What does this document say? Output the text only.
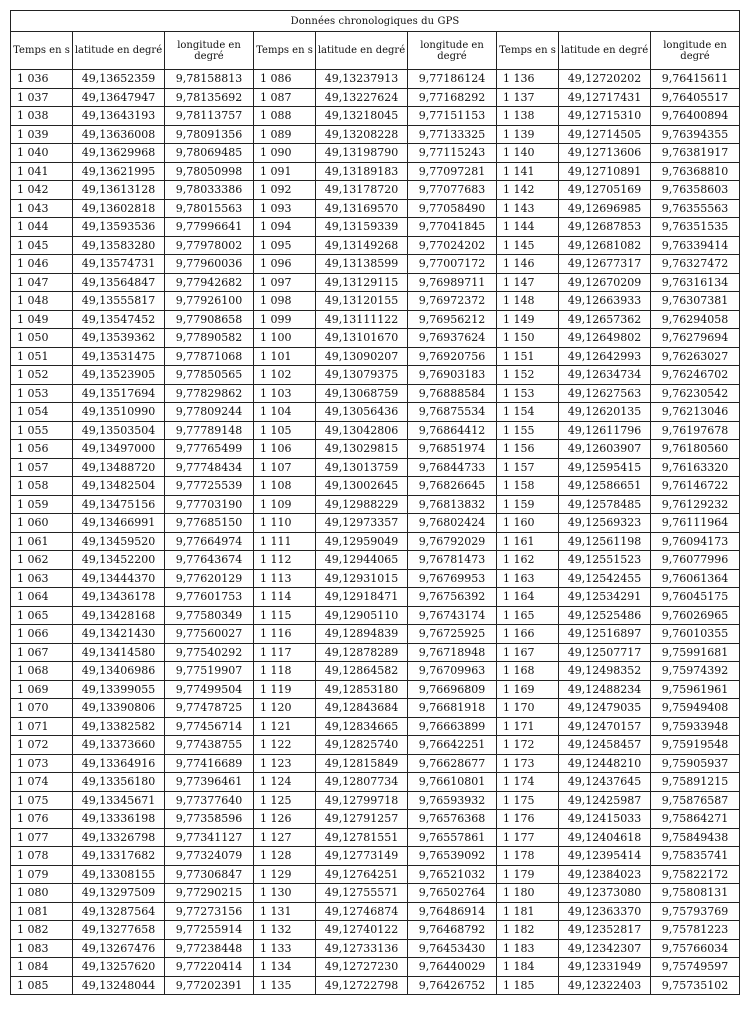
Données chronologiques du GPS								
Temps en s	latitude en degré	longitude en degré	Temps en s	latitude en degré	longitude en degré	Temps en s	latitude en degré	longitude en degré
1 036	49,13652359	9,78158813	1 086	49,13237913	9,77186124	1 136	49,12720202	9,76415611
1 037	49,13647947	9,78135692	1 087	49,13227624	9,77168292	1 137	49,12717431	9,76405517
1 038	49,13643193	9,78113757	1 088	49,13218045	9,77151153	1 138	49,12715310	9,76400894
1 039	49,13636008	9,78091356	1 089	49,13208228	9,77133325	1 139	49,12714505	9,76394355
1 040	49,13629968	9,78069485	1 090	49,13198790	9,77115243	1 140	49,12713606	9,76381917
1 041	49,13621995	9,78050998	1 091	49,13189183	9,77097281	1 141	49,12710891	9,76368810
1 042	49,13613128	9,78033386	1 092	49,13178720	9,77077683	1 142	49,12705169	9,76358603
1 043	49,13602818	9,78015563	1 093	49,13169570	9,77058490	1 143	49,12696985	9,76355563
1 044	49,13593536	9,77996641	1 094	49,13159339	9,77041845	1 144	49,12687853	9,76351535
1 045	49,13583280	9,77978002	1 095	49,13149268	9,77024202	1 145	49,12681082	9,76339414
1 046	49,13574731	9,77960036	1 096	49,13138599	9,77007172	1 146	49,12677317	9,76327472
1 047	49,13564847	9,77942682	1 097	49,13129115	9,76989711	1 147	49,12670209	9,76316134
1 048	49,13555817	9,77926100	1 098	49,13120155	9,76972372	1 148	49,12663933	9,76307381
1 049	49,13547452	9,77908658	1 099	49,13111122	9,76956212	1 149	49,12657362	9,76294058
1 050	49,13539362	9,77890582	1 100	49,13101670	9,76937624	1 150	49,12649802	9,76279694
1 051	49,13531475	9,77871068	1 101	49,13090207	9,76920756	1 151	49,12642993	9,76263027
1 052	49,13523905	9,77850565	1 102	49,13079375	9,76903183	1 152	49,12634734	9,76246702
1 053	49,13517694	9,77829862	1 103	49,13068759	9,76888584	1 153	49,12627563	9,76230542
1 054	49,13510990	9,77809244	1 104	49,13056436	9,76875534	1 154	49,12620135	9,76213046
1 055	49,13503504	9,77789148	1 105	49,13042806	9,76864412	1 155	49,12611796	9,76197678
1 056	49,13497000	9,77765499	1 106	49,13029815	9,76851974	1 156	49,12603907	9,76180560
1 057	49,13488720	9,77748434	1 107	49,13013759	9,76844733	1 157	49,12595415	9,76163320
1 058	49,13482504	9,77725539	1 108	49,13002645	9,76826645	1 158	49,12586651	9,76146722
1 059	49,13475156	9,77703190	1 109	49,12988229	9,76813832	1 159	49,12578485	9,76129232
1 060	49,13466991	9,77685150	1 110	49,12973357	9,76802424	1 160	49,12569323	9,76111964
1 061	49,13459520	9,77664974	1 111	49,12959049	9,76792029	1 161	49,12561198	9,76094173
1 062	49,13452200	9,77643674	1 112	49,12944065	9,76781473	1 162	49,12551523	9,76077996
1 063	49,13444370	9,77620129	1 113	49,12931015	9,76769953	1 163	49,12542455	9,76061364
1 064	49,13436178	9,77601753	1 114	49,12918471	9,76756392	1 164	49,12534291	9,76045175
1 065	49,13428168	9,77580349	1 115	49,12905110	9,76743174	1 165	49,12525486	9,76026965
1 066	49,13421430	9,77560027	1 116	49,12894839	9,76725925	1 166	49,12516897	9,76010355
1 067	49,13414580	9,77540292	1 117	49,12878289	9,76718948	1 167	49,12507717	9,75991681
1 068	49,13406986	9,77519907	1 118	49,12864582	9,76709963	1 168	49,12498352	9,75974392
1 069	49,13399055	9,77499504	1 119	49,12853180	9,76696809	1 169	49,12488234	9,75961961
1 070	49,13390806	9,77478725	1 120	49,12843684	9,76681918	1 170	49,12479035	9,75949408
1 071	49,13382582	9,77456714	1 121	49,12834665	9,76663899	1 171	49,12470157	9,75933948
1 072	49,13373660	9,77438755	1 122	49,12825740	9,76642251	1 172	49,12458457	9,75919548
1 073	49,13364916	9,77416689	1 123	49,12815849	9,76628677	1 173	49,12448210	9,75905937
1 074	49,13356180	9,77396461	1 124	49,12807734	9,76610801	1 174	49,12437645	9,75891215
1 075	49,13345671	9,77377640	1 125	49,12799718	9,76593932	1 175	49,12425987	9,75876587
1 076	49,13336198	9,77358596	1 126	49,12791257	9,76576368	1 176	49,12415033	9,75864271
1 077	49,13326798	9,77341127	1 127	49,12781551	9,76557861	1 177	49,12404618	9,75849438
1 078	49,13317682	9,77324079	1 128	49,12773149	9,76539092	1 178	49,12395414	9,75835741
1 079	49,13308155	9,77306847	1 129	49,12764251	9,76521032	1 179	49,12384023	9,75822172
1 080	49,13297509	9,77290215	1 130	49,12755571	9,76502764	1 180	49,12373080	9,75808131
1 081	49,13287564	9,77273156	1 131	49,12746874	9,76486914	1 181	49,12363370	9,75793769
1 082	49,13277658	9,77255914	1 132	49,12740122	9,76468792	1 182	49,12352817	9,75781223
1 083	49,13267476	9,77238448	1 133	49,12733136	9,76453430	1 183	49,12342307	9,75766034
1 084	49,13257620	9,77220414	1 134	49,12727230	9,76440029	1 184	49,12331949	9,75749597
1 085	49,13248044	9,77202391	1 135	49,12722798	9,76426752	1 185	49,12322403	9,75735102
